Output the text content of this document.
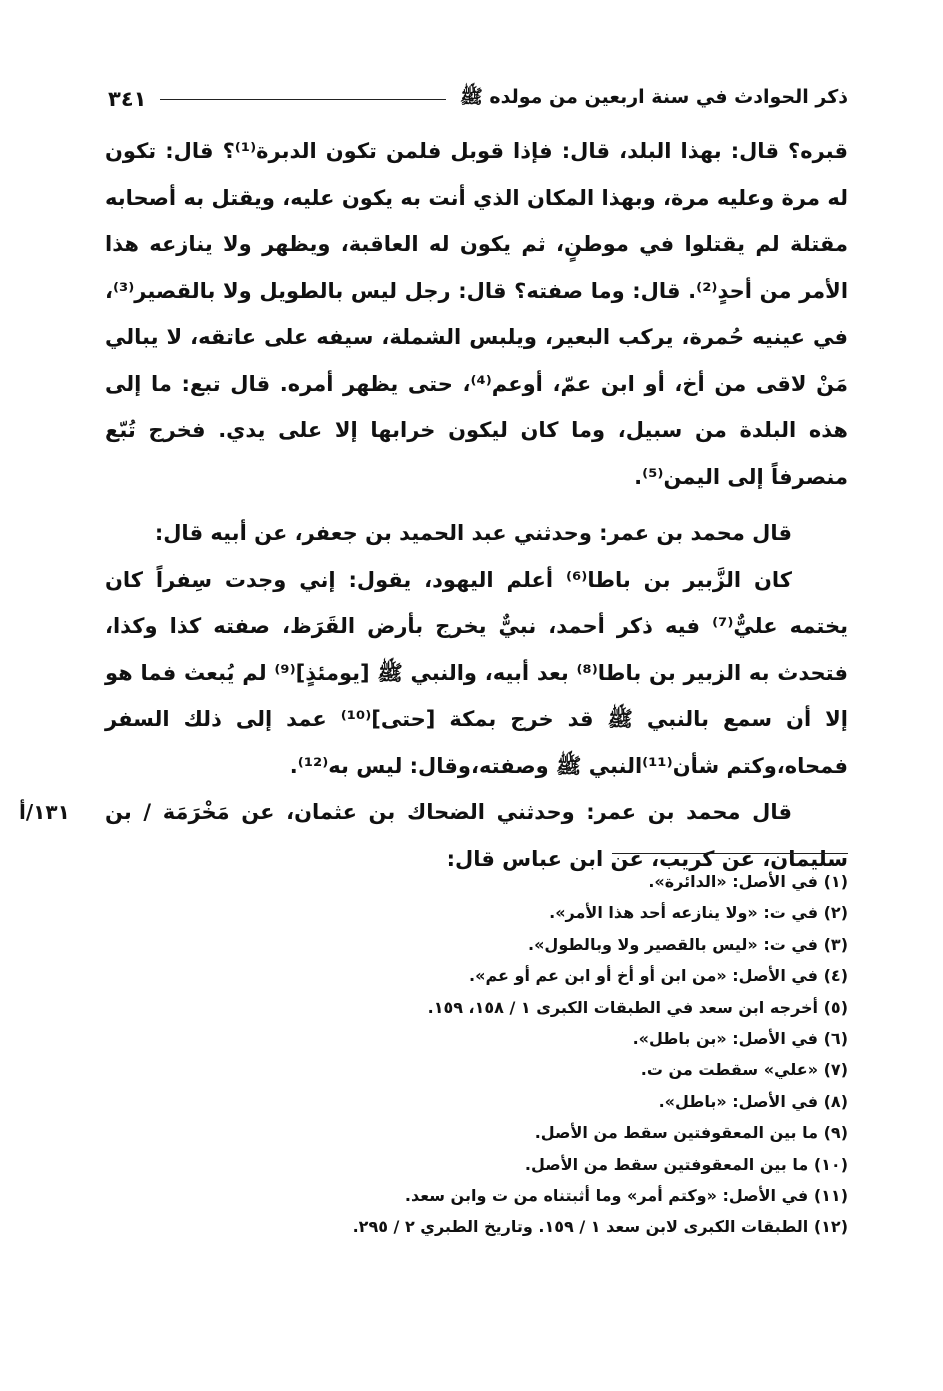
ذكر الحوادث في سنة اربعين من مولده ﷺ
٣٤١

قبره؟ قال: بهذا البلد، قال: فإذا قوبل فلمن تكون الدبرة⁽¹⁾؟ قال: تكون له مرة وعليه مرة، وبهذا المكان الذي أنت به يكون عليه، ويقتل به أصحابه مقتلة لم يقتلوا في موطنٍ، ثم يكون له العاقبة، ويظهر ولا ينازعه هذا الأمر من أحدٍ⁽²⁾. قال: وما صفته؟ قال: رجل ليس بالطويل ولا بالقصير⁽³⁾، في عينيه حُمرة، يركب البعير، ويلبس الشملة، سيفه على عاتقه، لا يبالي مَنْ لاقى من أخ، أو ابن عمّ، أوعم⁽⁴⁾، حتى يظهر أمره. قال تبع: ما إلى هذه البلدة من سبيل، وما كان ليكون خرابها إلا على يدي. فخرج تُبّع منصرفاً إلى اليمن⁽⁵⁾.

قال محمد بن عمر: وحدثني عبد الحميد بن جعفر، عن أبيه قال:

كان الزَّبير بن باطا⁽⁶⁾ أعلم اليهود، يقول: إني وجدت سِفراً كان يختمه عليٌّ⁽⁷⁾ فيه ذكر أحمد، نبيٌّ يخرج بأرض القَرَظ، صفته كذا وكذا، فتحدث به الزبير بن باطا⁽⁸⁾ بعد أبيه، والنبي ﷺ [يومئذٍ]⁽⁹⁾ لم يُبعث فما هو إلا أن سمع بالنبي ﷺ قد خرج بمكة [حتى]⁽¹⁰⁾ عمد إلى ذلك السفر فمحاه،وكتم شأن⁽¹¹⁾النبي ﷺ وصفته،وقال: ليس به⁽¹²⁾.

١٣١/أ قال محمد بن عمر: وحدثني الضحاك بن عثمان، عن مَخْرَمَة / بن سليمان، عن كريب، عن ابن عباس قال:

(١) في الأصل: «الدائرة».
(٢) في ت: «ولا ينازعه أحد هذا الأمر».
(٣) في ت: «ليس بالقصير ولا وبالطول».
(٤) في الأصل: «من ابن أو أخ أو ابن عم أو عم».
(٥) أخرجه ابن سعد في الطبقات الكبرى ١ / ١٥٨، ١٥٩.
(٦) في الأصل: «بن باطل».
(٧) «علي» سقطت من ت.
(٨) في الأصل: «باطل».
(٩) ما بين المعقوفتين سقط من الأصل.
(١٠) ما بين المعقوفتين سقط من الأصل.
(١١) في الأصل: «وكتم أمر» وما أثبتناه من ت وابن سعد.
(١٢) الطبقات الكبرى لابن سعد ١ / ١٥٩. وتاريخ الطبري ٢ / ٢٩٥.
